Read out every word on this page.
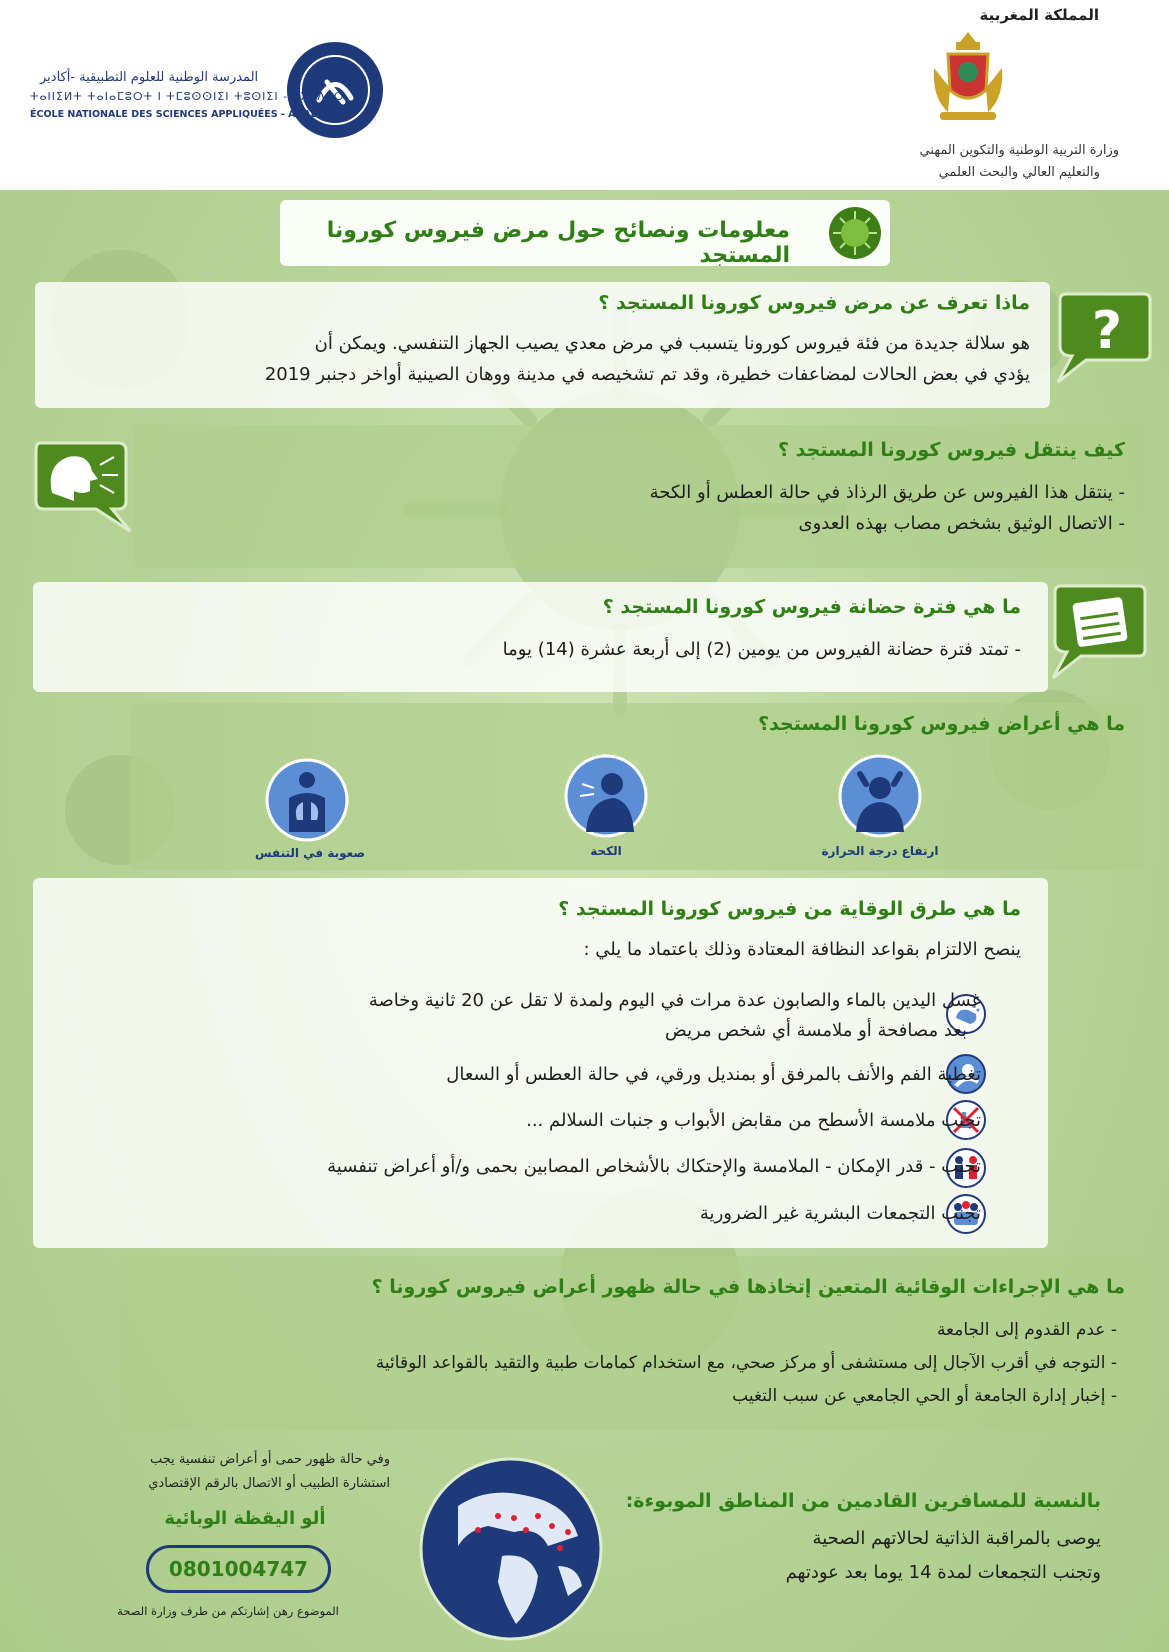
المملكة المغربية
وزارة التربية الوطنية والتكوين المهني
والتعليم العالي والبحث العلمي
المدرسة الوطنية للعلوم التطبيقية -أكادير
ⵜⴰⵏⵏⵉⵍⵜ ⵜⴰⵏⴰⵎⵓⵔⵜ ⵏ ⵜⵎⵓⵙⵙⵏⵉⵏ ⵜⵓⵙⵏⵉⵏ - ⴰⴳⴰⴷⵉⵔ
ÉCOLE NATIONALE DES SCIENCES APPLIQUÉES - AGADIR
معلومات ونصائح حول مرض فيروس كورونا المستجد
ماذا تعرف عن مرض فيروس كورونا المستجد ؟
هو سلالة جديدة من فئة فيروس كورونا يتسبب في مرض معدي يصيب الجهاز التنفسي. ويمكن أن
يؤدي في بعض الحالات لمضاعفات خطيرة، وقد تم تشخيصه في مدينة ووهان الصينية أواخر دجنبر 2019
?
كيف ينتقل فيروس كورونا المستجد ؟
- ينتقل هذا الفيروس عن طريق الرذاذ في حالة العطس أو الكحة
- الاتصال الوثيق بشخص مصاب بهذه العدوى
ما هي فترة حضانة فيروس كورونا المستجد ؟
- تمتد فترة حضانة الفيروس من يومين (2) إلى أربعة عشرة (14) يوما
ما هي أعراض فيروس كورونا المستجد؟
ارتفاع درجة الحرارة
الكحة
صعوبة في التنفس
ما هي طرق الوقاية من فيروس كورونا المستجد ؟
ينصح الالتزام بقواعد النظافة المعتادة وذلك باعتماد ما يلي :
غسل اليدين بالماء والصابون عدة مرات في اليوم ولمدة لا تقل عن 20 ثانية وخاصة
بعد مصافحة أو ملامسة أي شخص مريض
تغطية الفم والأنف بالمرفق أو بمنديل ورقي، في حالة العطس أو السعال
تجنب ملامسة الأسطح من مقابض الأبواب و جنبات السلالم ...
تجنب - قدر الإمكان - الملامسة والإحتكاك بالأشخاص المصابين بحمى و/أو أعراض تنفسية
تجنب التجمعات البشرية غير الضرورية
ما هي الإجراءات الوقائية المتعين إتخاذها في حالة ظهور أعراض فيروس كورونا ؟
- عدم القدوم إلى الجامعة
- التوجه في أقرب الآجال إلى مستشفى أو مركز صحي، مع استخدام كمامات طبية والتقيد بالقواعد الوقائية
- إخبار إدارة الجامعة أو الحي الجامعي عن سبب التغيب
بالنسبة للمسافرين القادمين من المناطق الموبوءة:
يوصى بالمراقبة الذاتية لحالاتهم الصحية
وتجنب التجمعات لمدة 14 يوما بعد عودتهم
وفي حالة ظهور حمى أو أعراض تنفسية يجب
استشارة الطبيب أو الاتصال بالرقم الإقتصادي
ألو اليقظة الوبائية
0801004747
الموضوع رهن إشارتكم من طرف وزارة الصحة
